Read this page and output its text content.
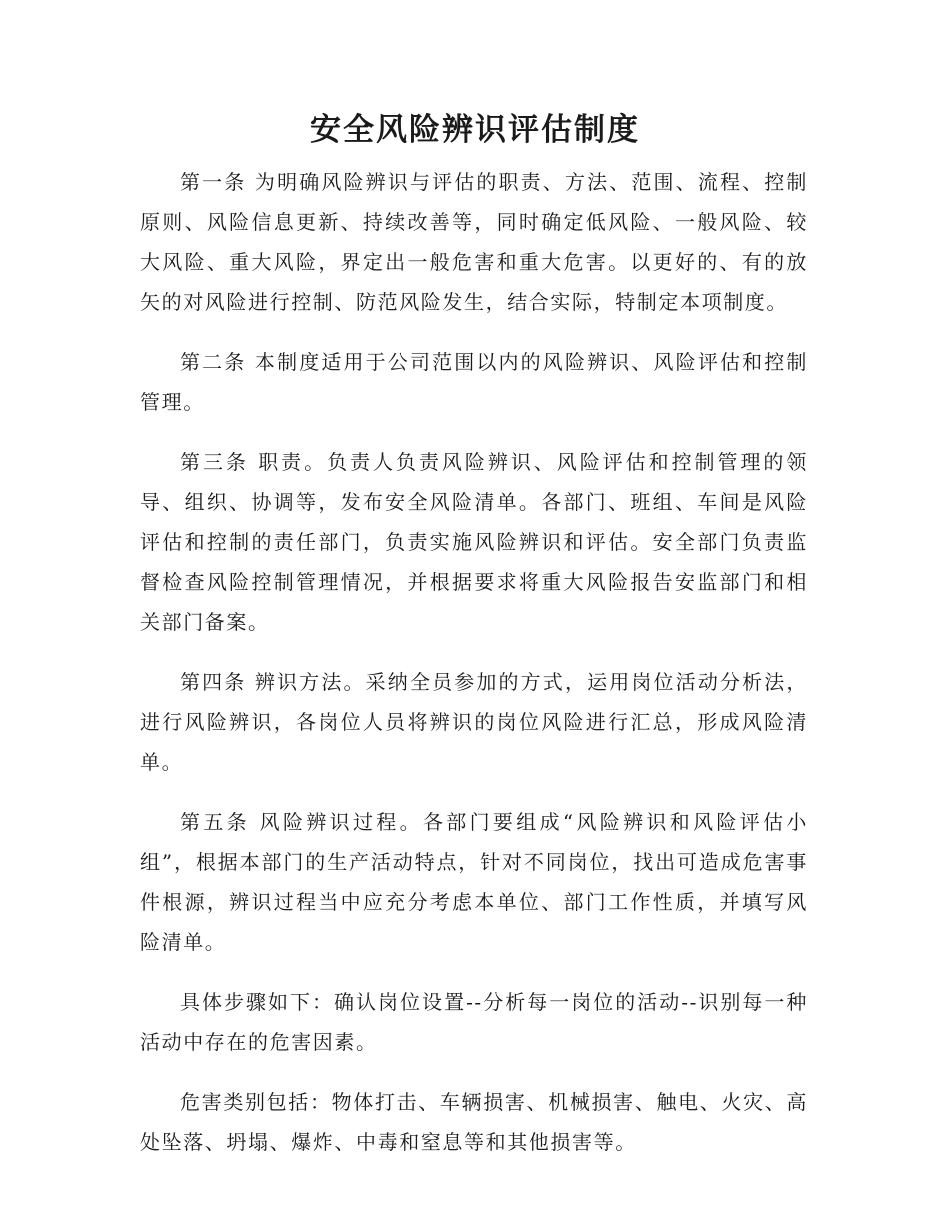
安全风险辨识评估制度

第一条 为明确风险辨识与评估的职责、方法、范围、流程、控制原则、风险信息更新、持续改善等，同时确定低风险、一般风险、较大风险、重大风险，界定出一般危害和重大危害。以更好的、有的放矢的对风险进行控制、防范风险发生，结合实际，特制定本项制度。

第二条 本制度适用于公司范围以内的风险辨识、风险评估和控制管理。

第三条 职责。负责人负责风险辨识、风险评估和控制管理的领导、组织、协调等，发布安全风险清单。各部门、班组、车间是风险评估和控制的责任部门，负责实施风险辨识和评估。安全部门负责监督检查风险控制管理情况，并根据要求将重大风险报告安监部门和相关部门备案。

第四条 辨识方法。采纳全员参加的方式，运用岗位活动分析法，进行风险辨识，各岗位人员将辨识的岗位风险进行汇总，形成风险清单。

第五条 风险辨识过程。各部门要组成“风险辨识和风险评估小组”，根据本部门的生产活动特点，针对不同岗位，找出可造成危害事件根源，辨识过程当中应充分考虑本单位、部门工作性质，并填写风险清单。

具体步骤如下：确认岗位设置--分析每一岗位的活动--识别每一种活动中存在的危害因素。

危害类别包括：物体打击、车辆损害、机械损害、触电、火灾、高处坠落、坍塌、爆炸、中毒和窒息等和其他损害等。
